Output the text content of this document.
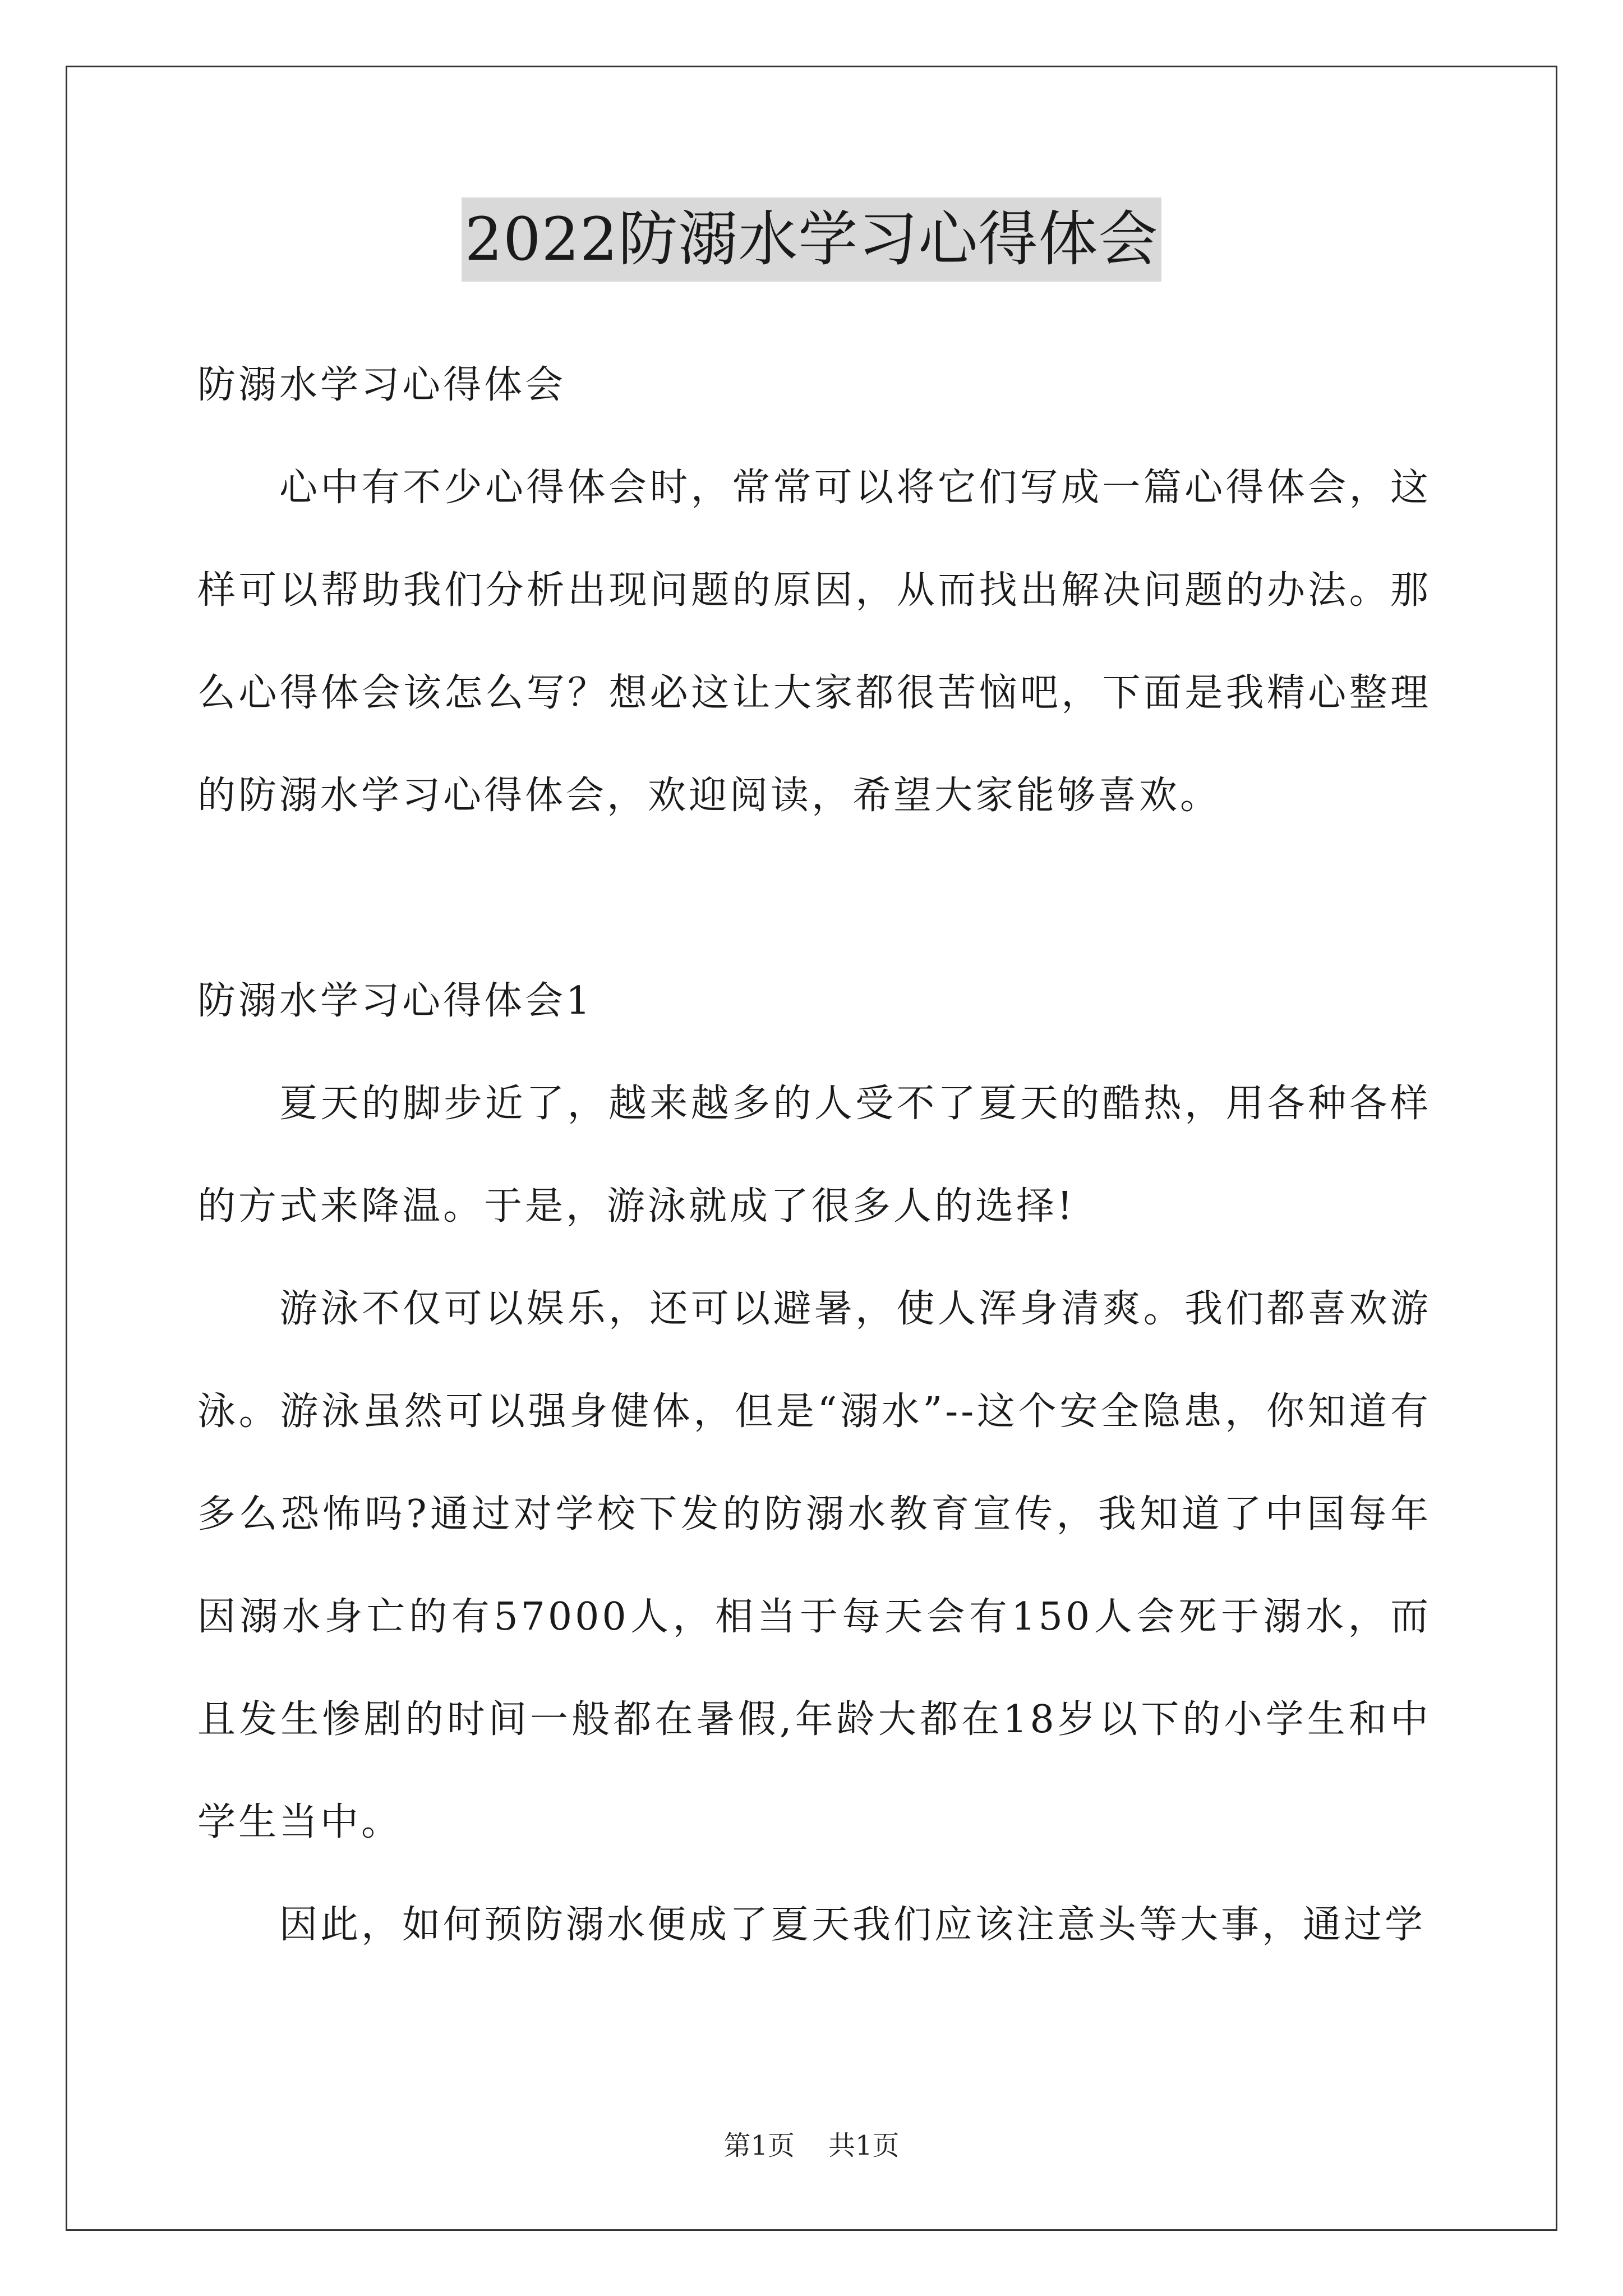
2022防溺水学习心得体会

防溺水学习心得体会

心中有不少心得体会时，常常可以将它们写成一篇心得体会，这样可以帮助我们分析出现问题的原因，从而找出解决问题的办法。那么心得体会该怎么写？想必这让大家都很苦恼吧，下面是我精心整理的防溺水学习心得体会，欢迎阅读，希望大家能够喜欢。

防溺水学习心得体会1

夏天的脚步近了，越来越多的人受不了夏天的酷热，用各种各样的方式来降温。于是，游泳就成了很多人的选择!

游泳不仅可以娱乐，还可以避暑，使人浑身清爽。我们都喜欢游泳。游泳虽然可以强身健体，但是“溺水”--这个安全隐患，你知道有多么恐怖吗?通过对学校下发的防溺水教育宣传，我知道了中国每年因溺水身亡的有57000人，相当于每天会有150人会死于溺水，而且发生惨剧的时间一般都在暑假,年龄大都在18岁以下的小学生和中学生当中。

因此，如何预防溺水便成了夏天我们应该注意头等大事，通过学

第1页 共1页
